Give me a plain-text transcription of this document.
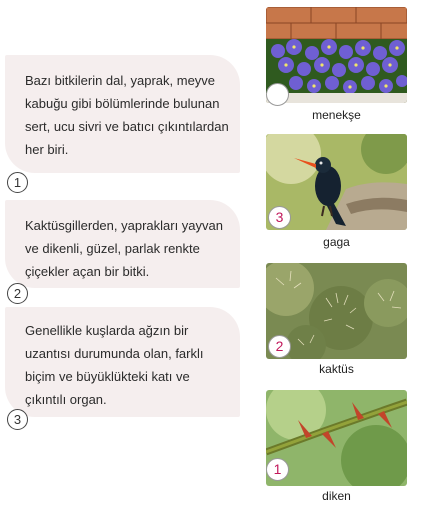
Bazı bitkilerin dal, yaprak, meyve kabuğu gibi bölümlerinde bulunan sert, ucu sivri ve batıcı çıkıntılardan her biri.
1
Kaktüsgillerden, yaprakları yayvan ve dikenli, güzel, parlak renkte çiçekler açan bir bitki.
2
Genellikle kuşlarda ağzın bir uzantısı durumunda olan, farklı biçim ve büyüklükteki katı ve çıkıntılı organ.
3
menekşe
3
gaga
2
kaktüs
1
diken
